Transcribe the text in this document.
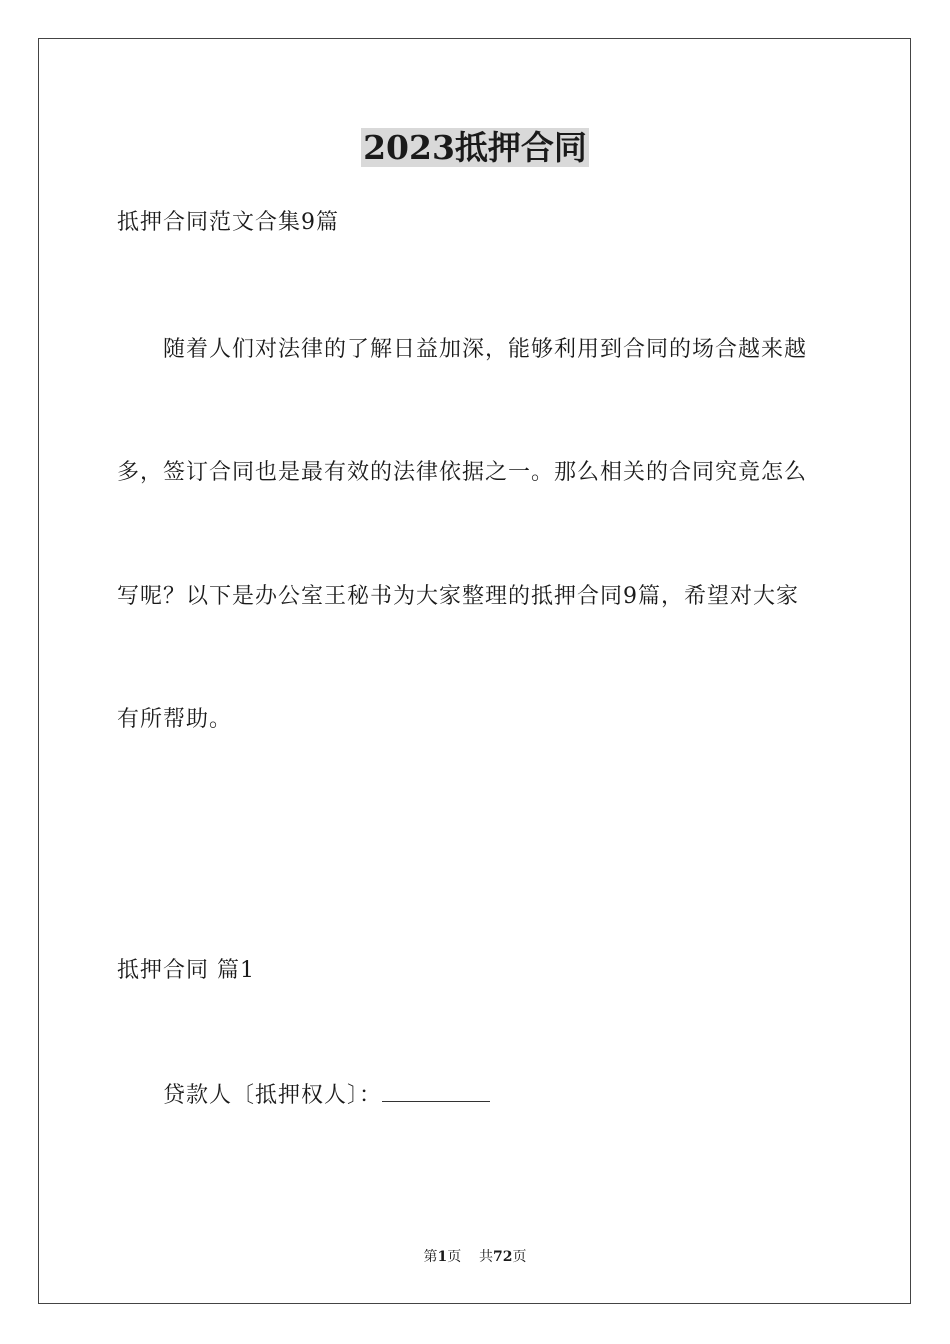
2023抵押合同
抵押合同范文合集9篇
随着人们对法律的了解日益加深，能够利用到合同的场合越来越
多，签订合同也是最有效的法律依据之一。那么相关的合同究竟怎么
写呢？以下是办公室王秘书为大家整理的抵押合同9篇，希望对大家
有所帮助。
抵押合同 篇1
贷款人〔抵押权人〕：
第1页 共72页
